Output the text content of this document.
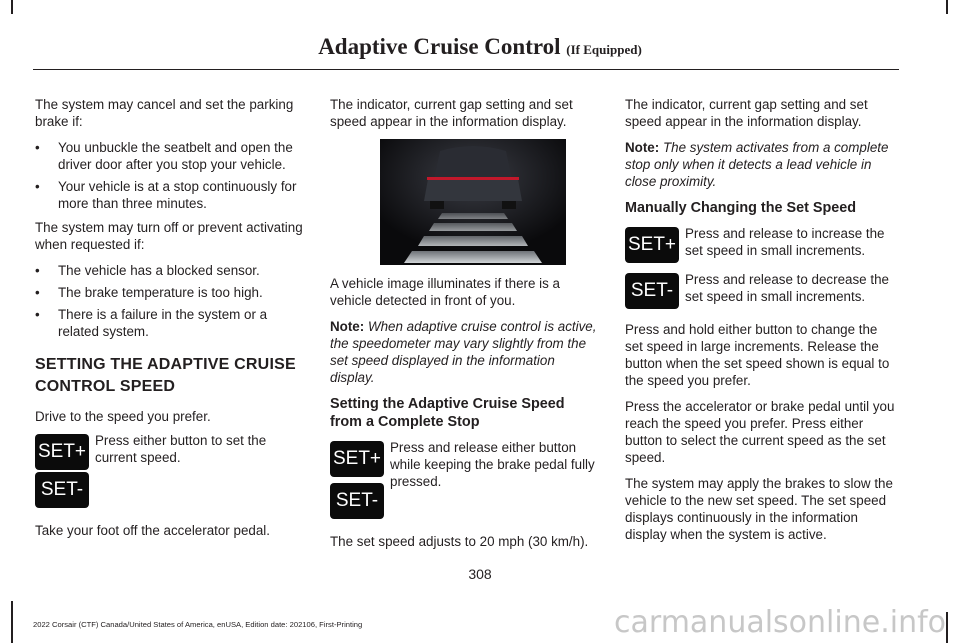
Adaptive Cruise Control (If Equipped)

The system may cancel and set the parking brake if:

• You unbuckle the seatbelt and open the driver door after you stop your vehicle.
• Your vehicle is at a stop continuously for more than three minutes.

The system may turn off or prevent activating when requested if:

• The vehicle has a blocked sensor.
• The brake temperature is too high.
• There is a failure in the system or a related system.
SETTING THE ADAPTIVE CRUISE CONTROL SPEED

Drive to the speed you prefer.

SET+
Press either button to set the current speed.
SET-

Take your foot off the accelerator pedal.

The indicator, current gap setting and set speed appear in the information display.

A vehicle image illuminates if there is a vehicle detected in front of you.

Note: When adaptive cruise control is active, the speedometer may vary slightly from the set speed displayed in the information display.

Setting the Adaptive Cruise Speed from a Complete Stop
SET+
Press and release either button while keeping the brake pedal fully pressed.
SET-

The set speed adjusts to 20 mph (30 km/h).

The indicator, current gap setting and set speed appear in the information display.

Note: The system activates from a complete stop only when it detects a lead vehicle in close proximity.

Manually Changing the Set Speed
SET+
Press and release to increase the set speed in small increments.
SET-
Press and release to decrease the set speed in small increments.

Press and hold either button to change the set speed in large increments. Release the button when the set speed shown is equal to the speed you prefer.

Press the accelerator or brake pedal until you reach the speed you prefer. Press either button to select the current speed as the set speed.

The system may apply the brakes to slow the vehicle to the new set speed. The set speed displays continuously in the information display when the system is active.

308
2022 Corsair (CTF) Canada/United States of America, enUSA, Edition date: 202106, First-Printing	carmanualsonline.info
